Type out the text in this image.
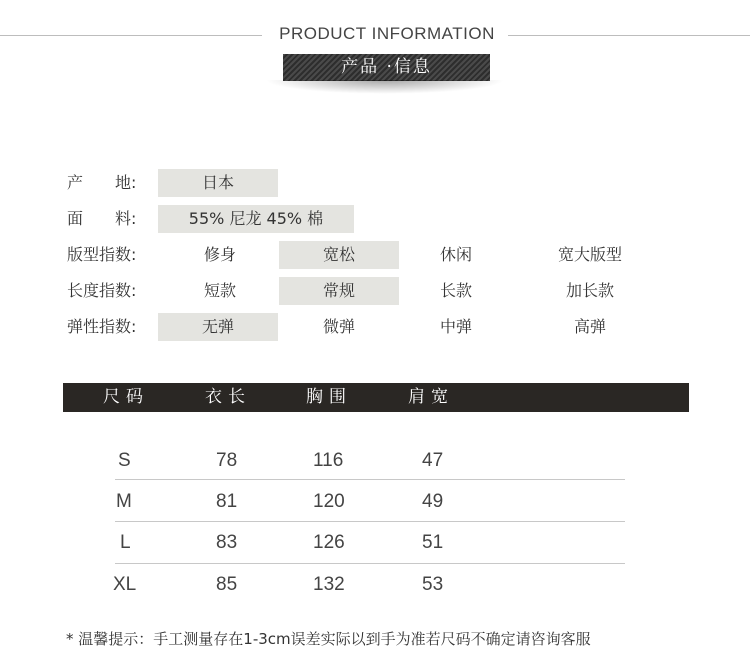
PRODUCT INFORMATION
产品 ·信息
产　　地:	日本
面　　料:	55% 尼龙 45% 棉
版型指数:	修身	宽松	休闲	宽大版型
长度指数:	短款	常规	长款	加长款
弹性指数:	无弹	微弹	中弹	高弹
尺码	衣长	胸围	肩宽
S	78	116	47
M	81	120	49
L	83	126	51
XL	85	132	53
* 温馨提示：手工测量存在1-3cm误差实际以到手为准若尺码不确定请咨询客服
